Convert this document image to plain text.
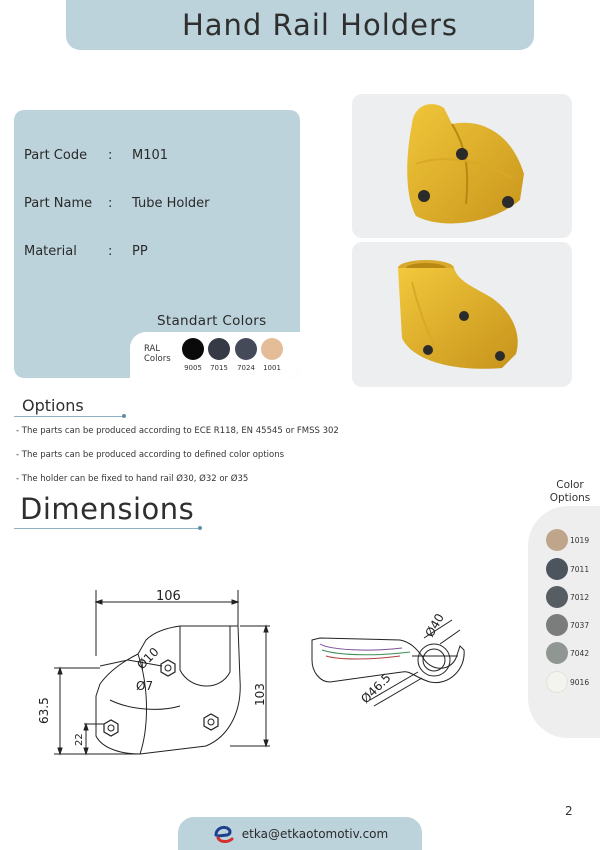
Hand Rail Holders
Part Code	:	M101
Part Name	:	Tube Holder
Material	:	PP
Standart Colors
RAL
Colors
9005	7015	7024	1001
Options
- The parts can be produced according to ECE R118, EN 45545 or FMSS 302
- The parts can be produced according to defined color options
- The holder can be fixed to hand rail Ø30, Ø32 or Ø35
Dimensions
Color
Options
1019
7011
7012
7037
7042
9016
106
Ø10
Ø7
63.5
22
103
Ø40
Ø46.5
2
etka@etkaotomotiv.com
